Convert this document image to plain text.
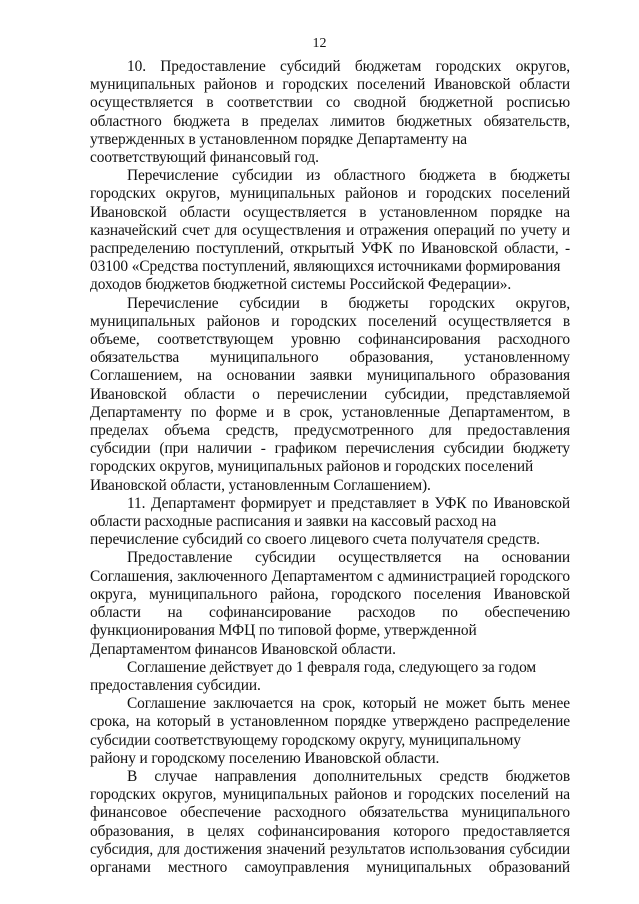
12

10. Предоставление субсидий бюджетам городских округов, муниципальных районов и городских поселений Ивановской области осуществляется в соответствии со сводной бюджетной росписью областного бюджета в пределах лимитов бюджетных обязательств, утвержденных в установленном порядке Департаменту на
соответствующий финансовый год.

Перечисление субсидии из областного бюджета в бюджеты городских округов, муниципальных районов и городских поселений Ивановской области осуществляется в установленном порядке на казначейский счет для осуществления и отражения операций по учету и распределению поступлений, открытый УФК по Ивановской области, - 03100 «Средства поступлений, являющихся источниками формирования
доходов бюджетов бюджетной системы Российской Федерации».

Перечисление субсидии в бюджеты городских округов, муниципальных районов и городских поселений осуществляется в объеме, соответствующем уровню софинансирования расходного обязательства муниципального образования, установленному Соглашением, на основании заявки муниципального образования Ивановской области о перечислении субсидии, представляемой Департаменту по форме и в срок, установленные Департаментом, в пределах объема средств, предусмотренного для предоставления субсидии (при наличии - графиком перечисления субсидии бюджету городских округов, муниципальных районов и городских поселений
Ивановской области, установленным Соглашением).

11. Департамент формирует и представляет в УФК по Ивановской области расходные расписания и заявки на кассовый расход на
перечисление субсидий со своего лицевого счета получателя средств.

Предоставление субсидии осуществляется на основании Соглашения, заключенного Департаментом с администрацией городского округа, муниципального района, городского поселения Ивановской области на софинансирование расходов по обеспечению функционирования МФЦ по типовой форме, утвержденной
Департаментом финансов Ивановской области.

Соглашение действует до 1 февраля года, следующего за годом
предоставления субсидии.

Соглашение заключается на срок, который не может быть менее срока, на который в установленном порядке утверждено распределение субсидии соответствующему городскому округу, муниципальному
району и городскому поселению Ивановской области.

В случае направления дополнительных средств бюджетов городских округов, муниципальных районов и городских поселений на финансовое обеспечение расходного обязательства муниципального образования, в целях софинансирования которого предоставляется субсидия, для достижения значений результатов использования субсидии органами местного самоуправления муниципальных образований
